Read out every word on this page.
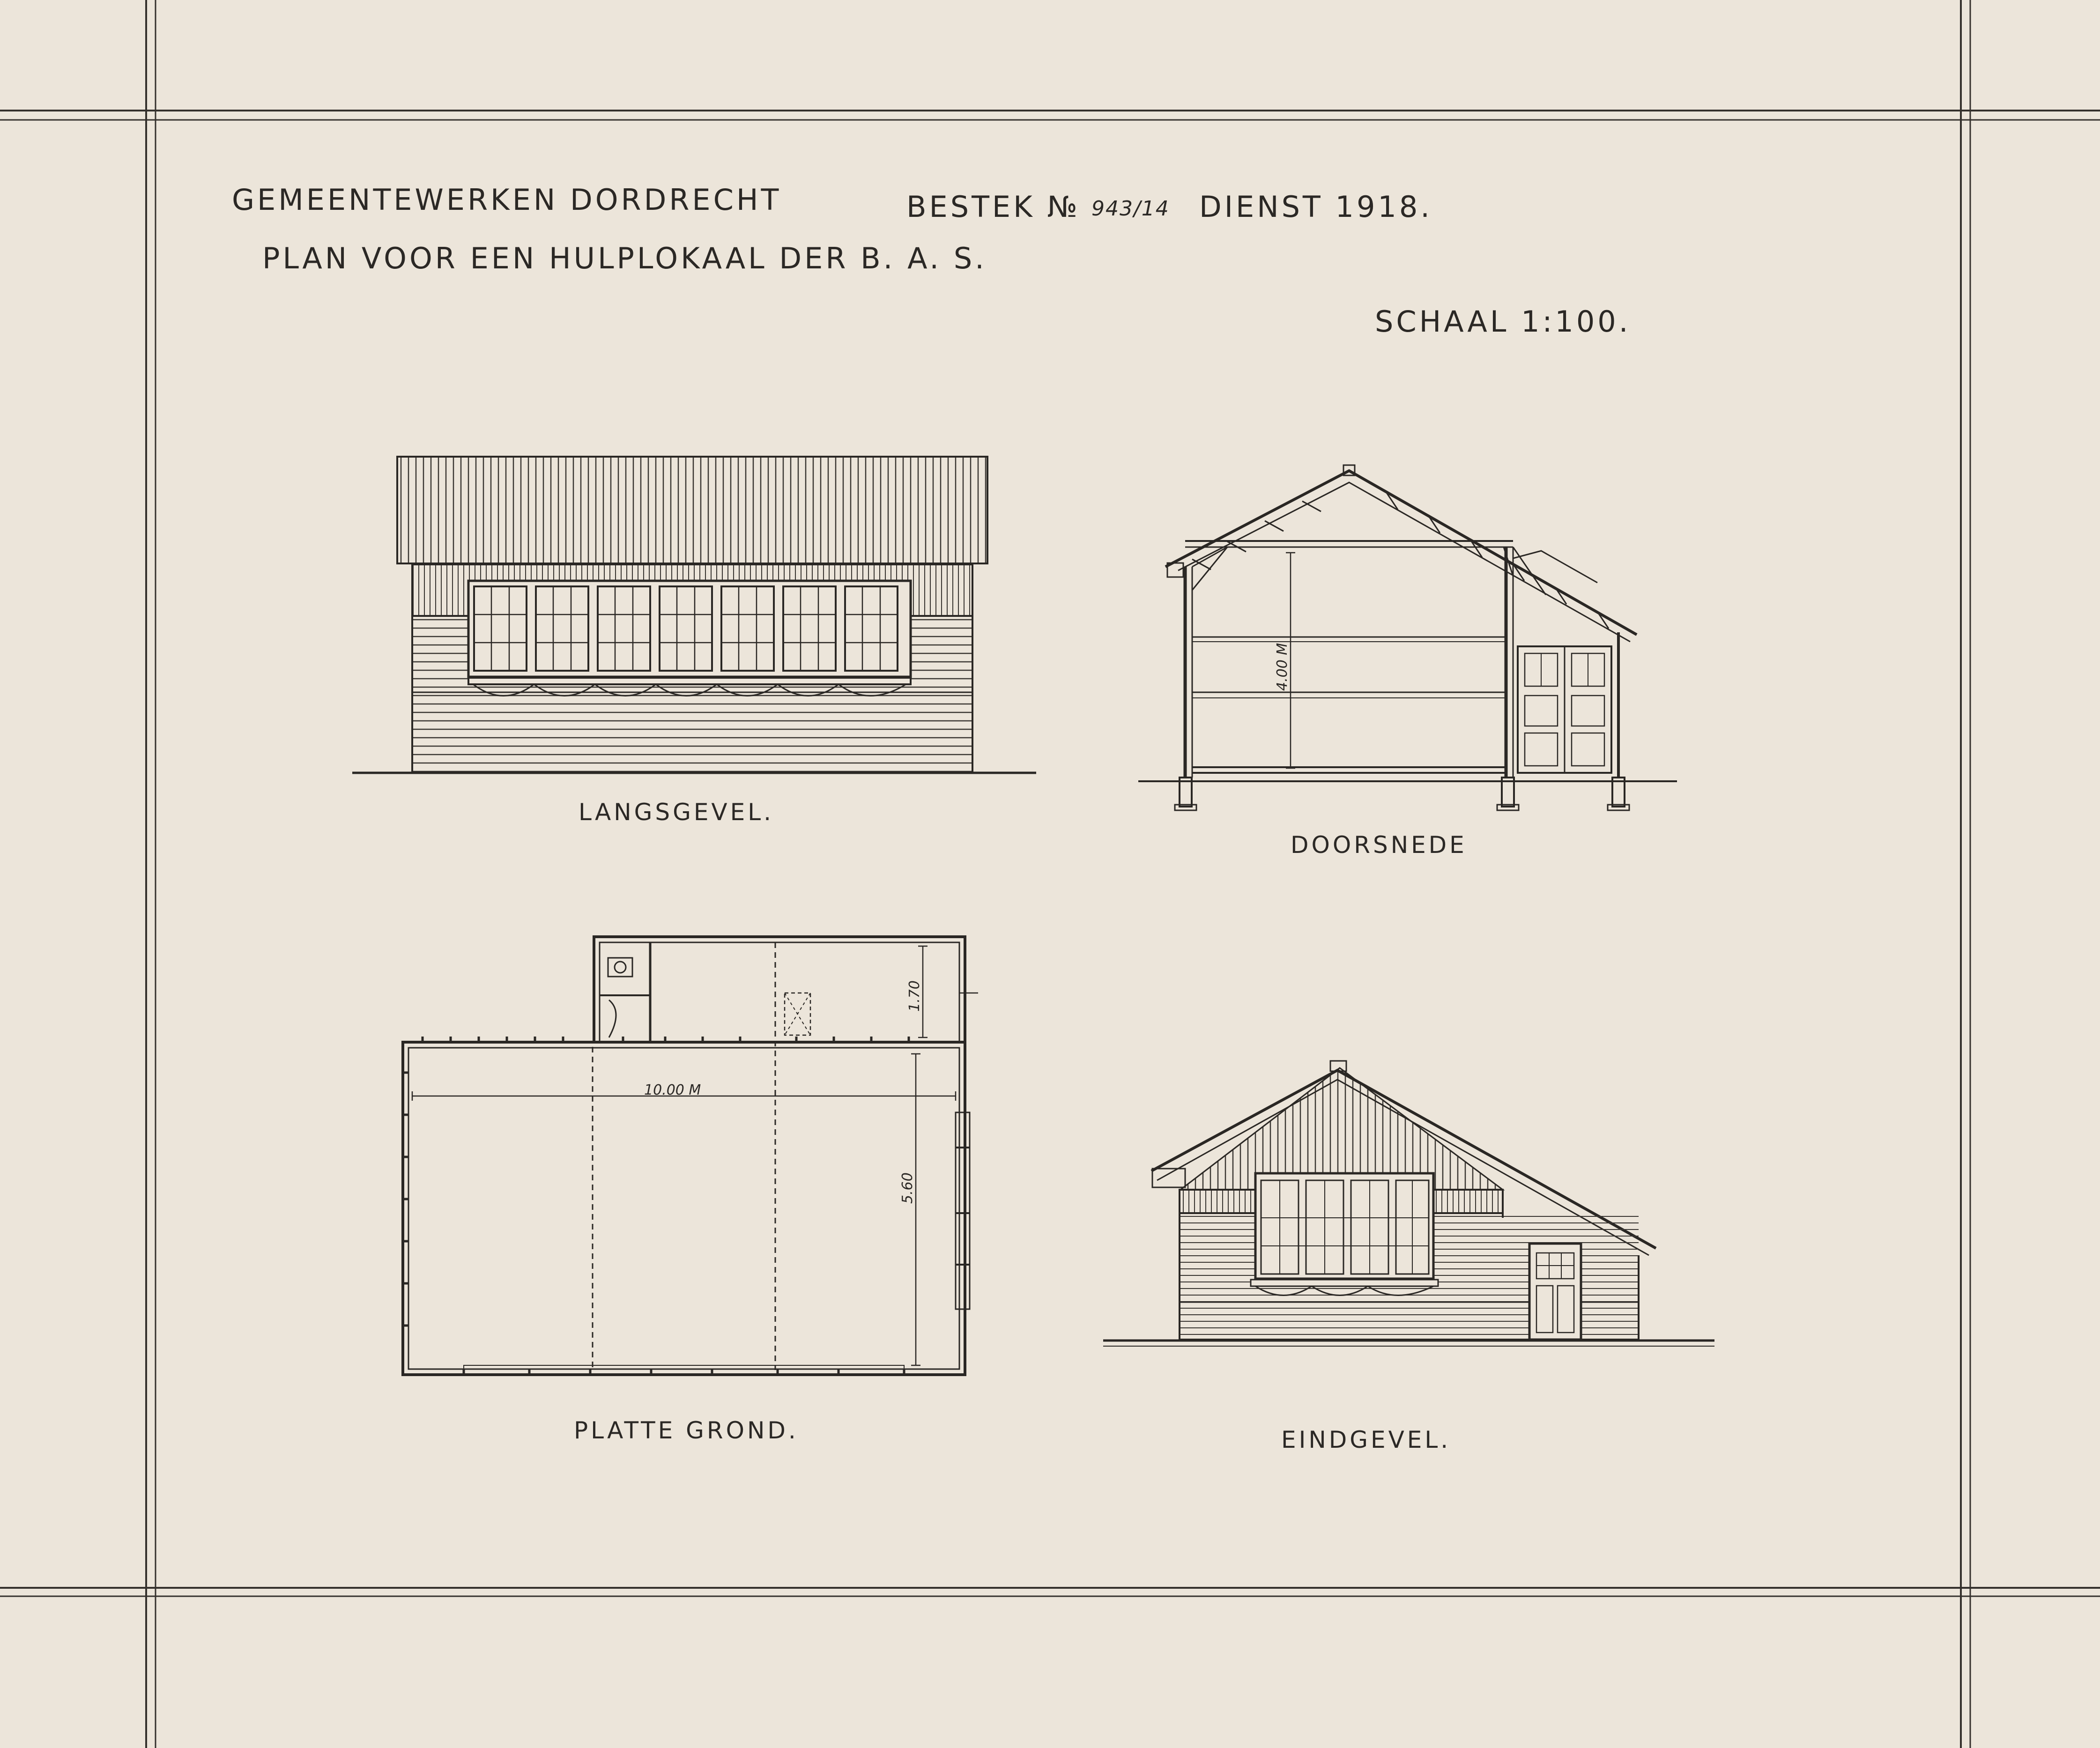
GEMEENTEWERKEN DORDRECHT	BESTEK № 943/14 DIENST 1918.
PLAN VOOR EEN HULPLOKAAL DER B. A. S.
SCHAAL 1:100.
LANGSGEVEL.
DOORSNEDE
PLATTE GROND.	EINDGEVEL.
10.00 M
5.60
1.70
4.00 M
